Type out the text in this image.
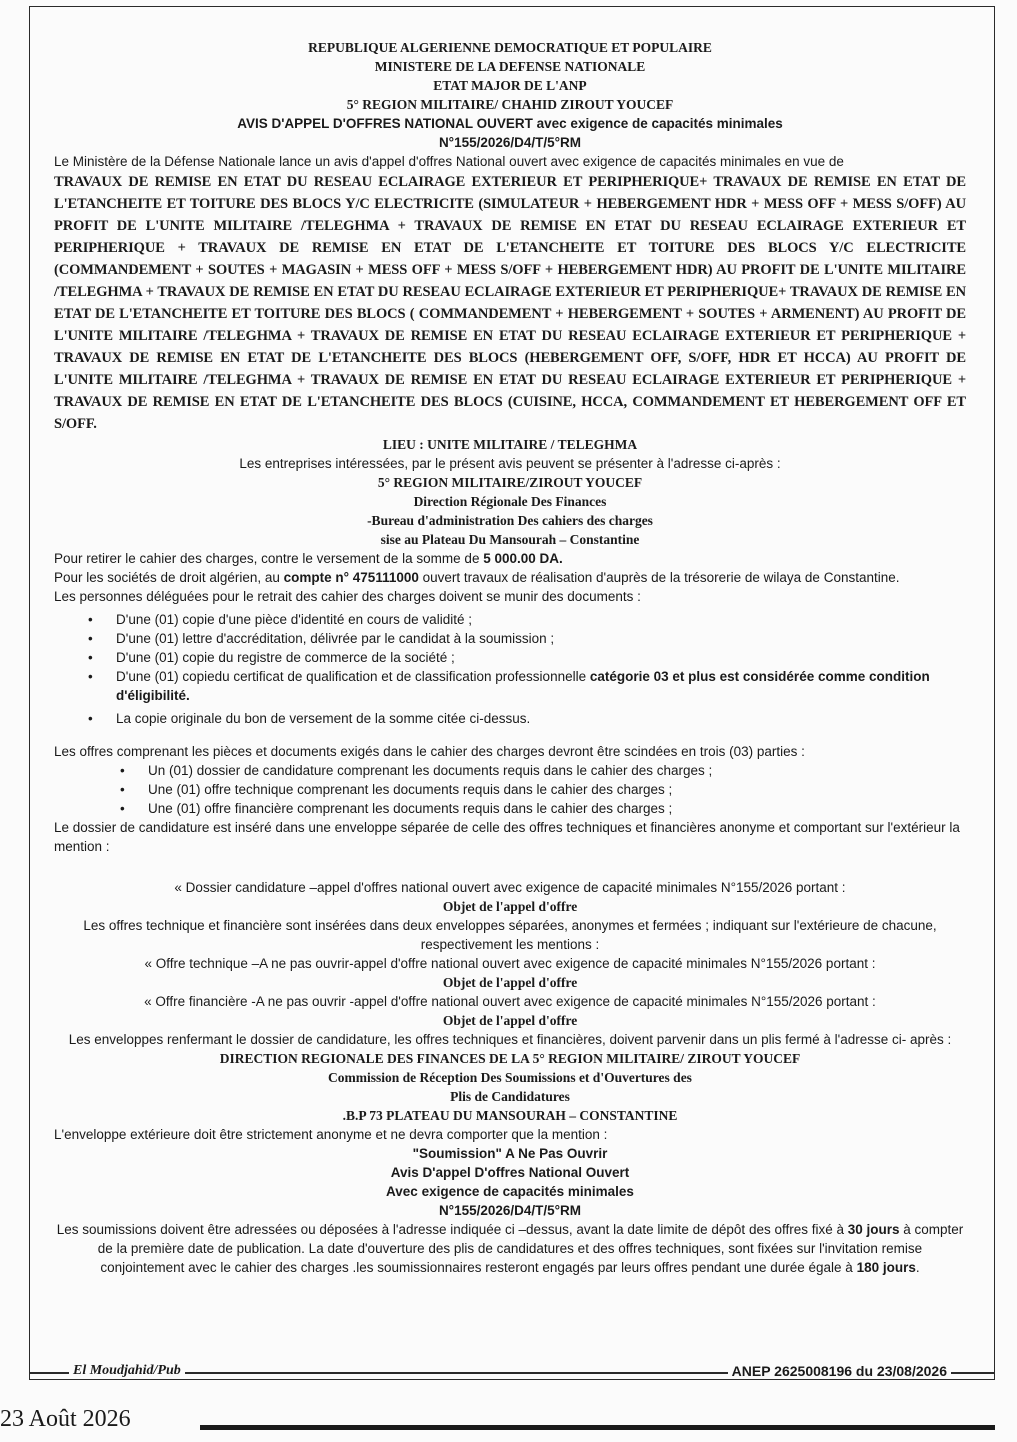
REPUBLIQUE ALGERIENNE DEMOCRATIQUE ET POPULAIRE
MINISTERE DE LA DEFENSE NATIONALE
ETAT MAJOR DE L'ANP
5° REGION MILITAIRE/ CHAHID ZIROUT YOUCEF
AVIS D'APPEL D'OFFRES NATIONAL OUVERT avec exigence de capacités minimales
N°155/2026/D4/T/5°RM
Le Ministère de la Défense Nationale lance un avis d'appel d'offres National ouvert avec exigence de capacités minimales en vue de
TRAVAUX DE REMISE EN ETAT DU RESEAU ECLAIRAGE EXTERIEUR ET PERIPHERIQUE+ TRAVAUX DE REMISE EN ETAT DE L'ETANCHEITE ET TOITURE DES BLOCS Y/C ELECTRICITE (SIMULATEUR + HEBERGEMENT HDR + MESS OFF + MESS S/OFF) AU PROFIT DE L'UNITE MILITAIRE /TELEGHMA + TRAVAUX DE REMISE EN ETAT DU RESEAU ECLAIRAGE EXTERIEUR ET PERIPHERIQUE + TRAVAUX DE REMISE EN ETAT DE L'ETANCHEITE ET TOITURE DES BLOCS Y/C ELECTRICITE (COMMANDEMENT + SOUTES + MAGASIN + MESS OFF + MESS S/OFF + HEBERGEMENT HDR) AU PROFIT DE L'UNITE MILITAIRE /TELEGHMA + TRAVAUX DE REMISE EN ETAT DU RESEAU ECLAIRAGE EXTERIEUR ET PERIPHERIQUE+ TRAVAUX DE REMISE EN ETAT DE L'ETANCHEITE ET TOITURE DES BLOCS ( COMMANDEMENT + HEBERGEMENT + SOUTES + ARMENENT) AU PROFIT DE L'UNITE MILITAIRE /TELEGHMA + TRAVAUX DE REMISE EN ETAT DU RESEAU ECLAIRAGE EXTERIEUR ET PERIPHERIQUE + TRAVAUX DE REMISE EN ETAT DE L'ETANCHEITE DES BLOCS (HEBERGEMENT OFF, S/OFF, HDR ET HCCA) AU PROFIT DE L'UNITE MILITAIRE /TELEGHMA + TRAVAUX DE REMISE EN ETAT DU RESEAU ECLAIRAGE EXTERIEUR ET PERIPHERIQUE + TRAVAUX DE REMISE EN ETAT DE L'ETANCHEITE DES BLOCS (CUISINE, HCCA, COMMANDEMENT ET HEBERGEMENT OFF ET S/OFF.
LIEU : UNITE MILITAIRE / TELEGHMA
Les entreprises intéressées, par le présent avis peuvent se présenter à l'adresse ci-après :
5° REGION MILITAIRE/ZIROUT YOUCEF
Direction Régionale Des Finances
-Bureau d'administration Des cahiers des charges
sise au Plateau Du Mansourah – Constantine
Pour retirer le cahier des charges, contre le versement de la somme de 5 000.00 DA.
Pour les sociétés de droit algérien, au compte n° 475111000 ouvert travaux de réalisation d'auprès de la trésorerie de wilaya de Constantine.
Les personnes déléguées pour le retrait des cahier des charges doivent se munir des documents :
• D'une (01) copie d'une pièce d'identité en cours de validité ;
• D'une (01) lettre d'accréditation, délivrée par le candidat à la soumission ;
• D'une (01) copie du registre de commerce de la société ;
• D'une (01) copiedu certificat de qualification et de classification professionnelle catégorie 03 et plus est considérée comme condition d'éligibilité.
• La copie originale du bon de versement de la somme citée ci-dessus.
Les offres comprenant les pièces et documents exigés dans le cahier des charges devront être scindées en trois (03) parties :
• Un (01) dossier de candidature comprenant les documents requis dans le cahier des charges ;
• Une (01) offre technique comprenant les documents requis dans le cahier des charges ;
• Une (01) offre financière comprenant les documents requis dans le cahier des charges ;
Le dossier de candidature est inséré dans une enveloppe séparée de celle des offres techniques et financières anonyme et comportant sur l'extérieur la mention :
« Dossier candidature –appel d'offres national ouvert avec exigence de capacité minimales N°155/2026 portant :
Objet de l'appel d'offre
Les offres technique et financière sont insérées dans deux enveloppes séparées, anonymes et fermées ; indiquant sur l'extérieure de chacune, respectivement les mentions :
« Offre technique –A ne pas ouvrir-appel d'offre national ouvert avec exigence de capacité minimales N°155/2026 portant :
Objet de l'appel d'offre
« Offre financière -A ne pas ouvrir -appel d'offre national ouvert avec exigence de capacité minimales N°155/2026 portant :
Objet de l'appel d'offre
Les enveloppes renfermant le dossier de candidature, les offres techniques et financières, doivent parvenir dans un plis fermé à l'adresse ci- après :
DIRECTION REGIONALE DES FINANCES DE LA 5° REGION MILITAIRE/ ZIROUT YOUCEF
Commission de Réception Des Soumissions et d'Ouvertures des
Plis de Candidatures
.B.P 73 PLATEAU DU MANSOURAH – CONSTANTINE
L'enveloppe extérieure doit être strictement anonyme et ne devra comporter que la mention :
"Soumission" A Ne Pas Ouvrir
Avis D'appel D'offres National Ouvert
Avec exigence de capacités minimales
N°155/2026/D4/T/5°RM
Les soumissions doivent être adressées ou déposées à l'adresse indiquée ci –dessus, avant la date limite de dépôt des offres fixé à 30 jours à compter de la première date de publication. La date d'ouverture des plis de candidatures et des offres techniques, sont fixées sur l'invitation remise conjointement avec le cahier des charges .les soumissionnaires resteront engagés par leurs offres pendant une durée égale à 180 jours.
El Moudjahid/Pub	ANEP 2625008196 du 23/08/2026
23 Août 2026
